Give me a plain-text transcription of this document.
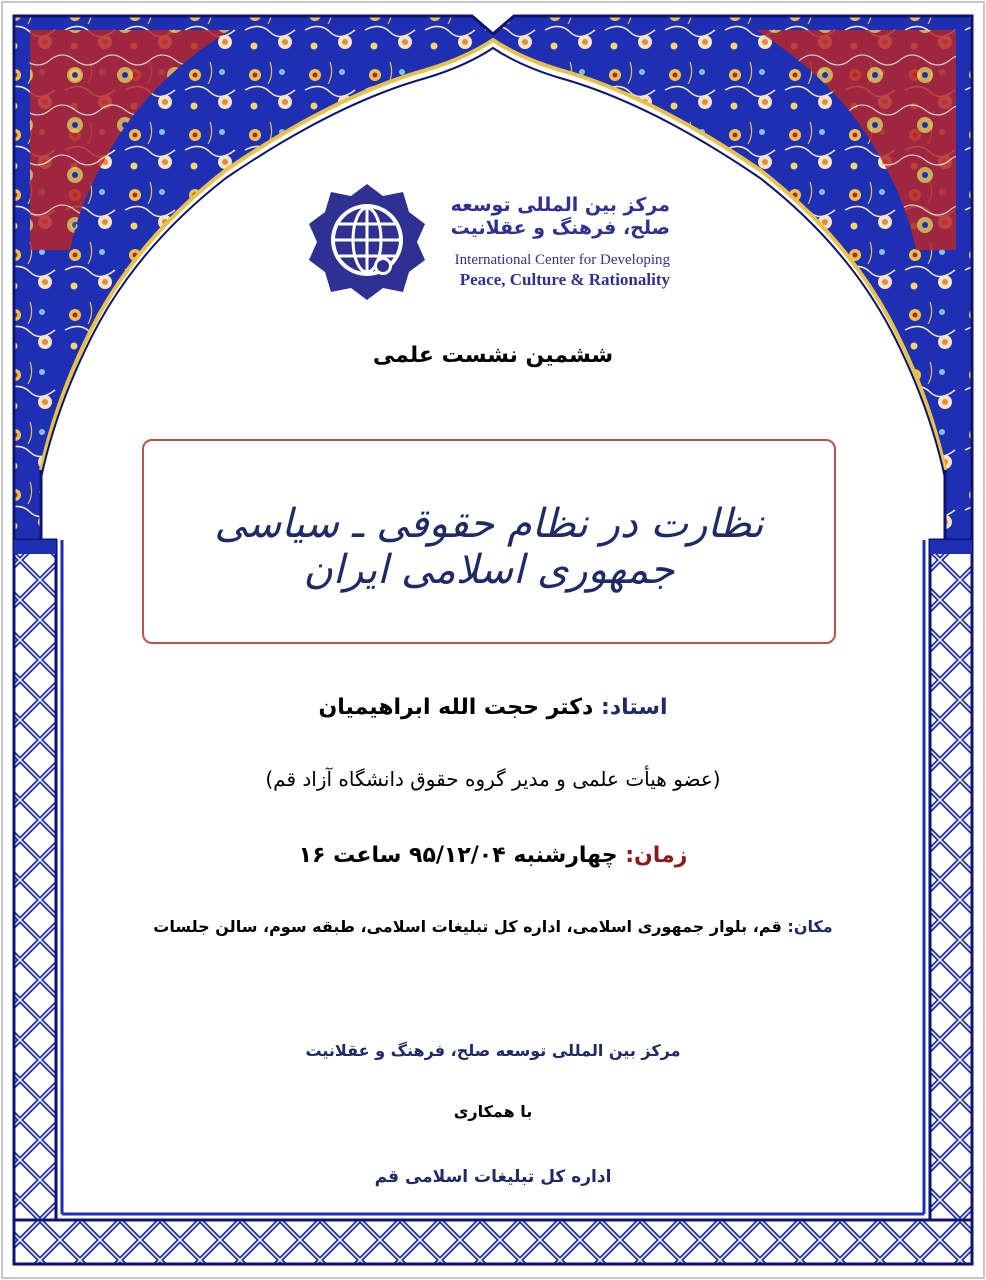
مرکز بین المللی توسعه
صلح، فرهنگ و عقلانیت
International Center for Developing
Peace, Culture & Rationality
ششمین نشست علمی
نظارت در نظام حقوقی ـ سیاسی جمهوری اسلامی ایران
استاد: دکتر حجت الله ابراهیمیان
(عضو هیأت علمی و مدیر گروه حقوق دانشگاه آزاد قم)
زمان: چهارشنبه ۹۵/۱۲/۰۴ ساعت ۱۶
مکان: قم، بلوار جمهوری اسلامی، اداره کل تبلیغات اسلامی، طبقه سوم، سالن جلسات
مرکز بین المللی توسعه صلح، فرهنگ و عقلانیت
با همکاری
اداره کل تبلیغات اسلامی قم
